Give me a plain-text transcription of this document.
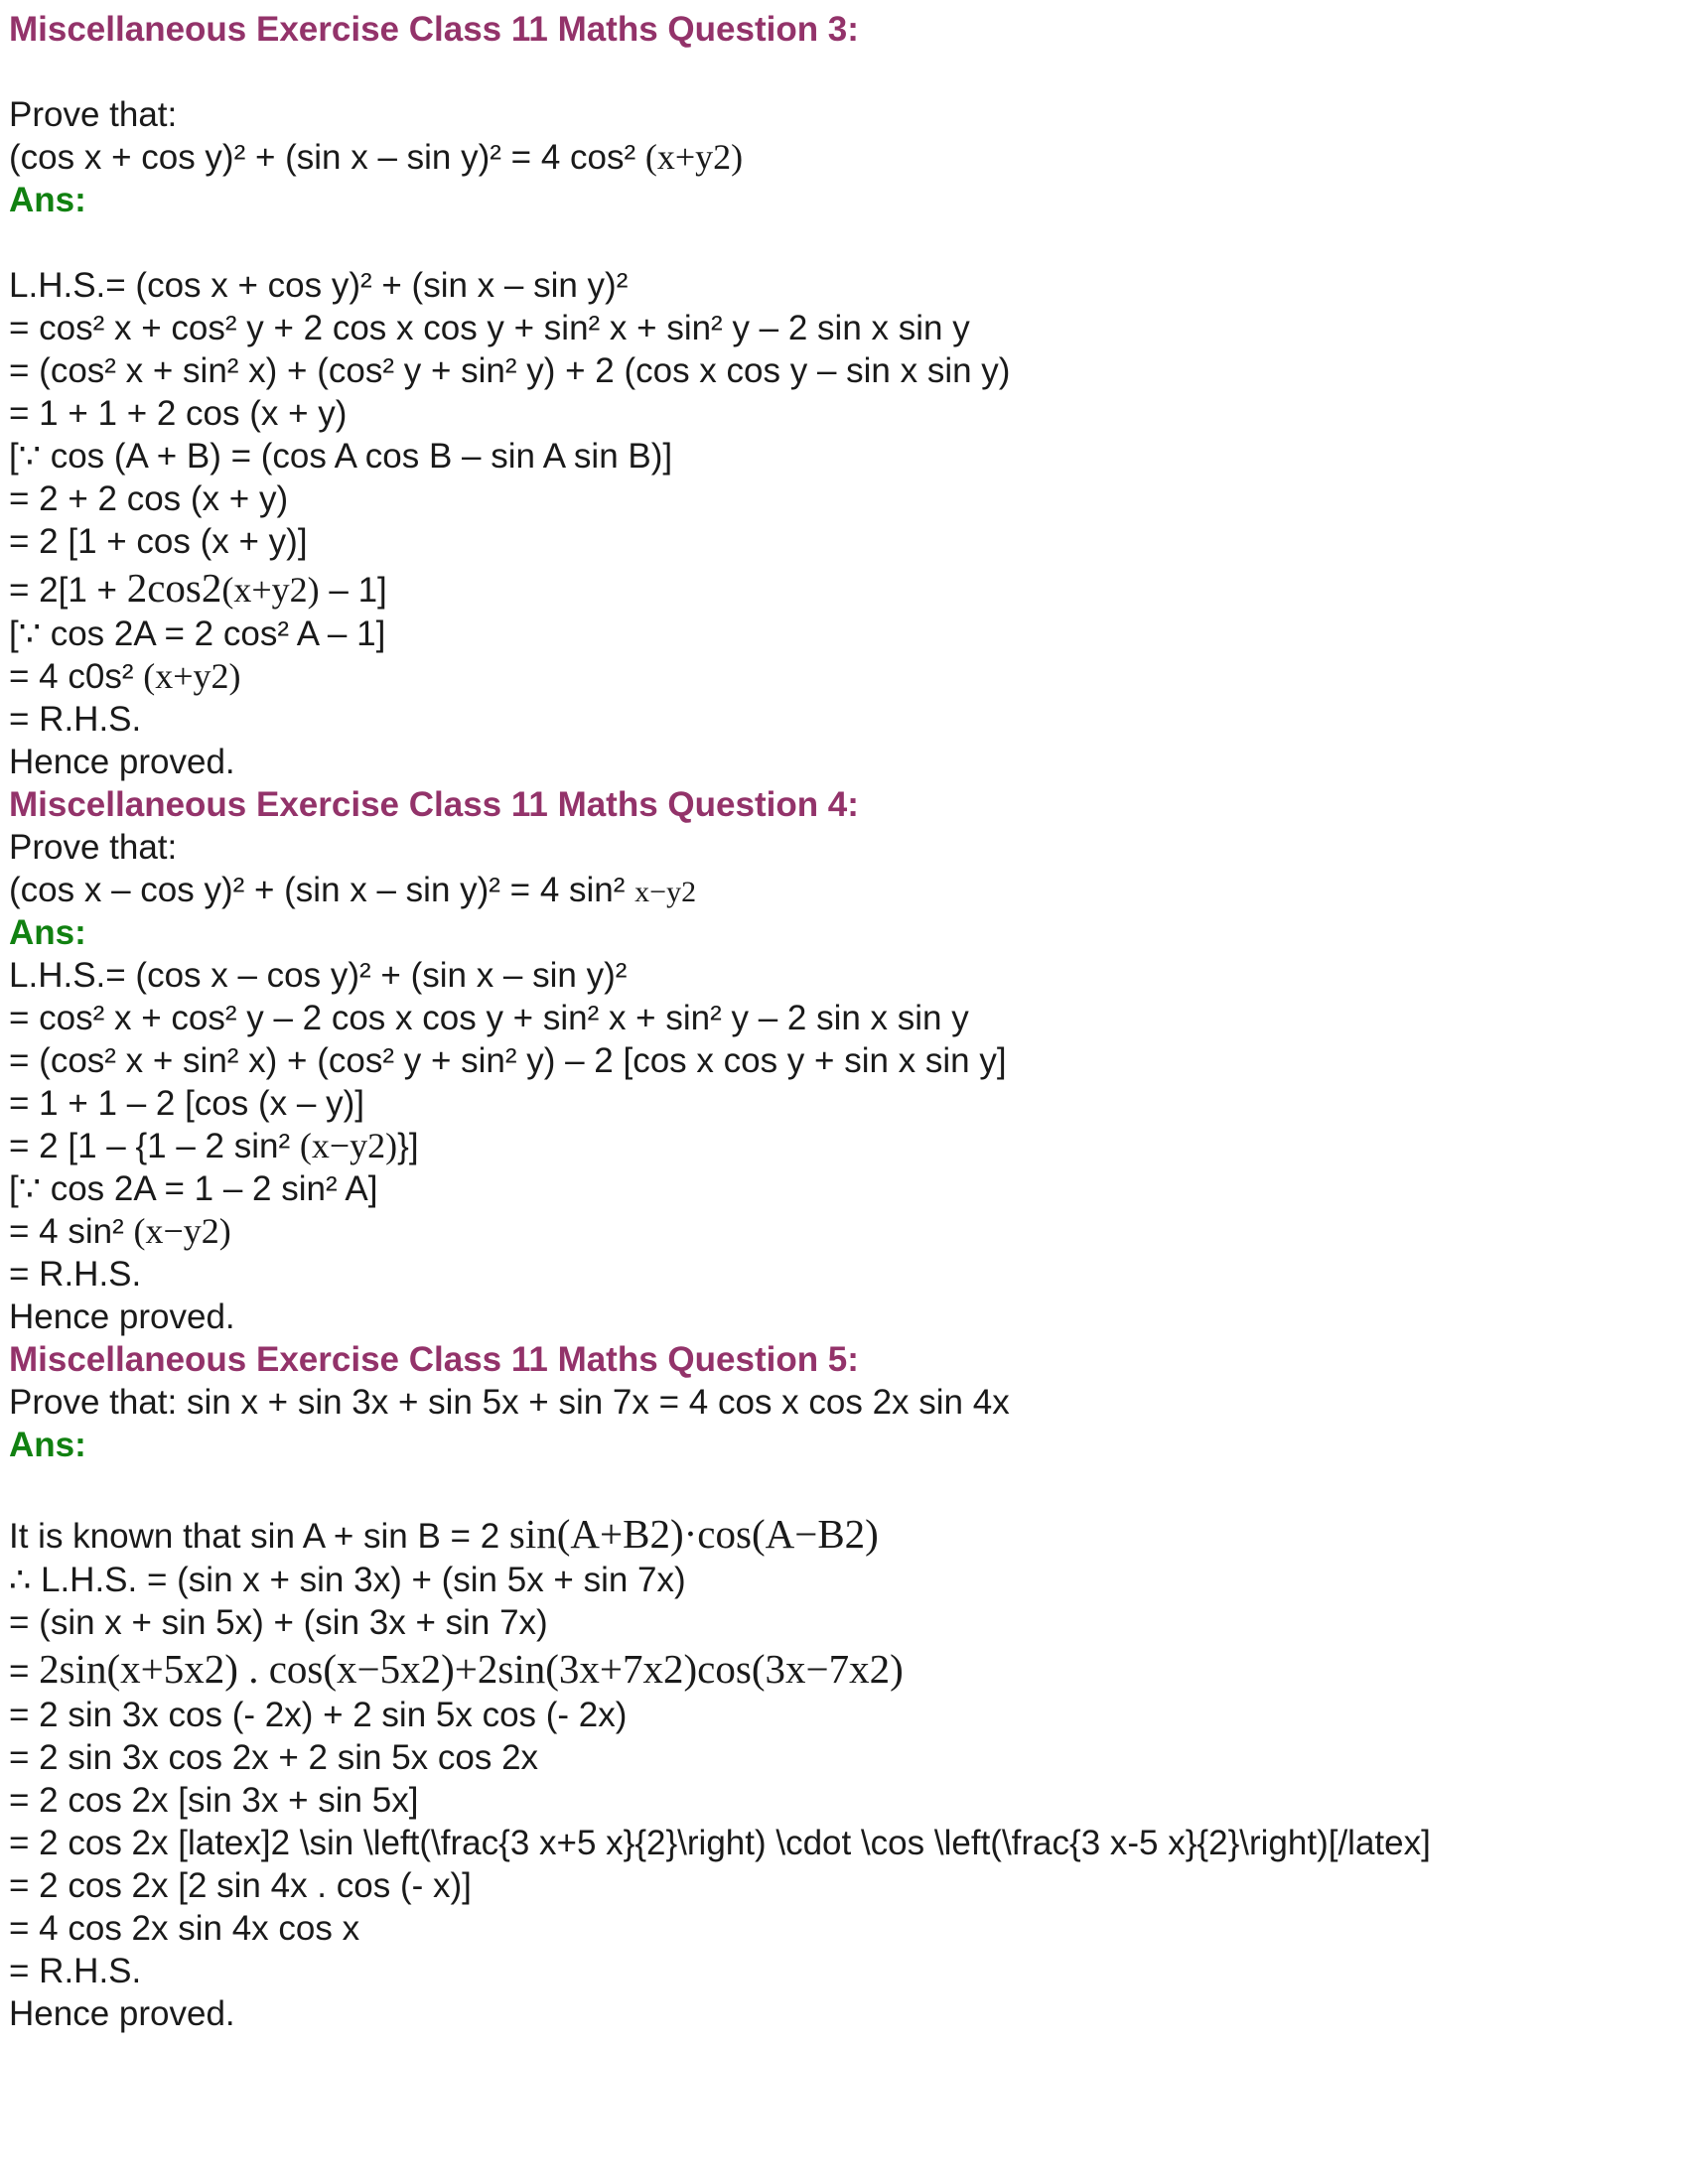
Miscellaneous Exercise Class 11 Maths Question 3:
Prove that:
(cos x + cos y)² + (sin x – sin y)² = 4 cos² (x+y2)
Ans:
L.H.S.= (cos x + cos y)² + (sin x – sin y)²
= cos² x + cos² y + 2 cos x cos y + sin² x + sin² y – 2 sin x sin y
= (cos² x + sin² x) + (cos² y + sin² y) + 2 (cos x cos y – sin x sin y)
= 1 + 1 + 2 cos (x + y)
[∵ cos (A + B) = (cos A cos B – sin A sin B)]
= 2 + 2 cos (x + y)
= 2 [1 + cos (x + y)]
= 2[1 + 2cos2(x+y2) – 1]
[∵ cos 2A = 2 cos² A – 1]
= 4 c0s² (x+y2)
= R.H.S.
Hence proved.
Miscellaneous Exercise Class 11 Maths Question 4:
Prove that:
(cos x – cos y)² + (sin x – sin y)² = 4 sin² x−y2
Ans:
L.H.S.= (cos x – cos y)² + (sin x – sin y)²
= cos² x + cos² y – 2 cos x cos y + sin² x + sin² y – 2 sin x sin y
= (cos² x + sin² x) + (cos² y + sin² y) – 2 [cos x cos y + sin x sin y]
= 1 + 1 – 2 [cos (x – y)]
= 2 [1 – {1 – 2 sin² (x−y2)}]
[∵ cos 2A = 1 – 2 sin² A]
= 4 sin² (x−y2)
= R.H.S.
Hence proved.
Miscellaneous Exercise Class 11 Maths Question 5:
Prove that: sin x + sin 3x + sin 5x + sin 7x = 4 cos x cos 2x sin 4x
Ans:
It is known that sin A + sin B = 2 sin(A+B2)·cos(A−B2)
∴ L.H.S. = (sin x + sin 3x) + (sin 5x + sin 7x)
= (sin x + sin 5x) + (sin 3x + sin 7x)
= 2sin(x+5x2) . cos(x−5x2)+2sin(3x+7x2)cos(3x−7x2)
= 2 sin 3x cos (- 2x) + 2 sin 5x cos (- 2x)
= 2 sin 3x cos 2x + 2 sin 5x cos 2x
= 2 cos 2x [sin 3x + sin 5x]
= 2 cos 2x [latex]2 \sin \left(\frac{3 x+5 x}{2}\right) \cdot \cos \left(\frac{3 x-5 x}{2}\right)[/latex]
= 2 cos 2x [2 sin 4x . cos (- x)]
= 4 cos 2x sin 4x cos x
= R.H.S.
Hence proved.
